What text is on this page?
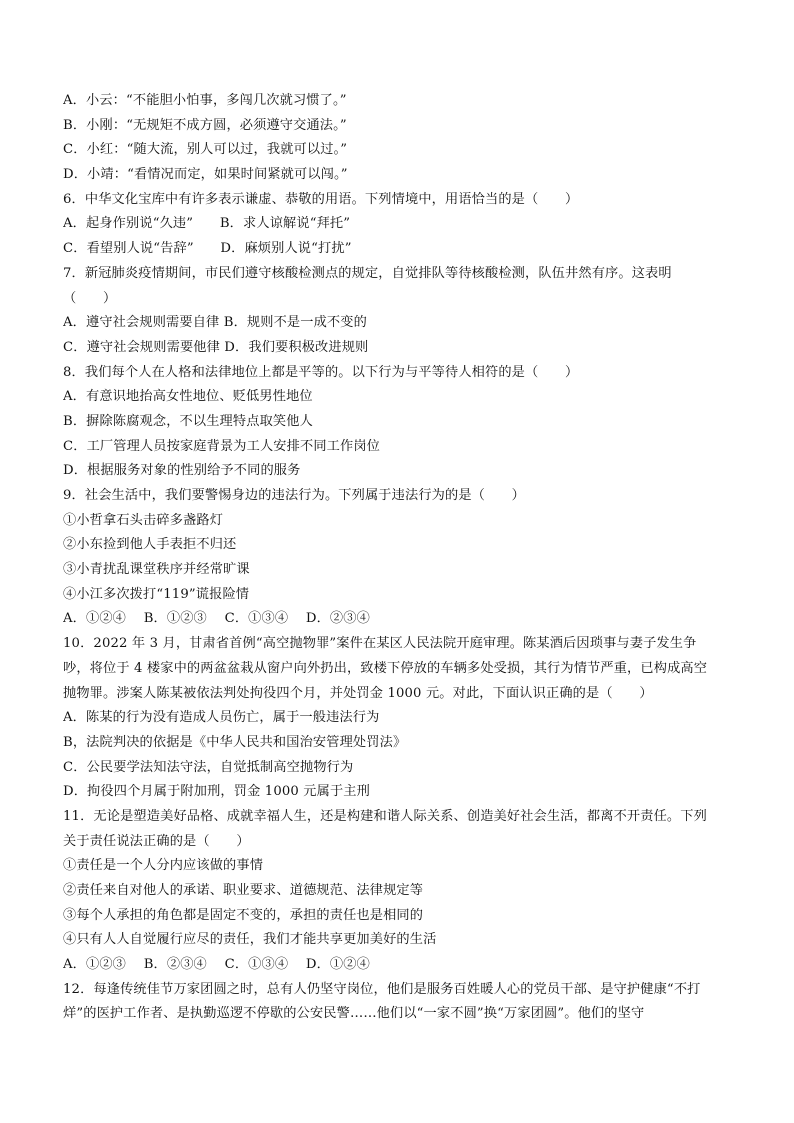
A．小云：“不能胆小怕事，多闯几次就习惯了。”
B．小刚：“无规矩不成方圆，必须遵守交通法。”
C．小红：“随大流，别人可以过，我就可以过。”
D．小靖：“看情况而定，如果时间紧就可以闯。”
6．中华文化宝库中有许多表示谦虚、恭敬的用语。下列情境中，用语恰当的是（　　）
A．起身作别说“久违”　　B．求人谅解说“拜托”
C．看望别人说“告辞”　　D．麻烦别人说“打扰”
7．新冠肺炎疫情期间，市民们遵守核酸检测点的规定，自觉排队等待核酸检测，队伍井然有序。这表明
（　　）
A．遵守社会规则需要自律 B．规则不是一成不变的
C．遵守社会规则需要他律 D．我们要积极改进规则
8．我们每个人在人格和法律地位上都是平等的。以下行为与平等待人相符的是（　　）
A．有意识地抬高女性地位、贬低男性地位
B．摒除陈腐观念，不以生理特点取笑他人
C．工厂管理人员按家庭背景为工人安排不同工作岗位
D．根据服务对象的性别给予不同的服务
9．社会生活中，我们要警惕身边的违法行为。下列属于违法行为的是（　　）
①小哲拿石头击碎多盏路灯
②小东捡到他人手表拒不归还
③小青扰乱课堂秩序并经常旷课
④小江多次拨打“119”谎报险情
A．①②④　 B．①②③　 C．①③④　 D．②③④
10．2022 年 3 月，甘肃省首例“高空抛物罪”案件在某区人民法院开庭审理。陈某酒后因琐事与妻子发生争
吵，将位于 4 楼家中的两盆盆栽从窗户向外扔出，致楼下停放的车辆多处受损，其行为情节严重，已构成高空
抛物罪。涉案人陈某被依法判处拘役四个月，并处罚金 1000 元。对此，下面认识正确的是（　　）
A．陈某的行为没有造成人员伤亡，属于一般违法行为
B，法院判决的依据是《中华人民共和国治安管理处罚法》
C．公民要学法知法守法，自觉抵制高空抛物行为
D．拘役四个月属于附加刑，罚金 1000 元属于主刑
11．无论是塑造美好品格、成就幸福人生，还是构建和谐人际关系、创造美好社会生活，都离不开责任。下列
关于责任说法正确的是（　　）
①责任是一个人分内应该做的事情
②责任来自对他人的承诺、职业要求、道德规范、法律规定等
③每个人承担的角色都是固定不变的，承担的责任也是相同的
④只有人人自觉履行应尽的责任，我们才能共享更加美好的生活
A．①②③　 B．②③④　 C．①③④　 D．①②④
12．每逢传统佳节万家团圆之时，总有人仍坚守岗位，他们是服务百姓暖人心的党员干部、是守护健康“不打
烊”的医护工作者、是执勤巡逻不停歇的公安民警……他们以“一家不圆”换“万家团圆”。他们的坚守
